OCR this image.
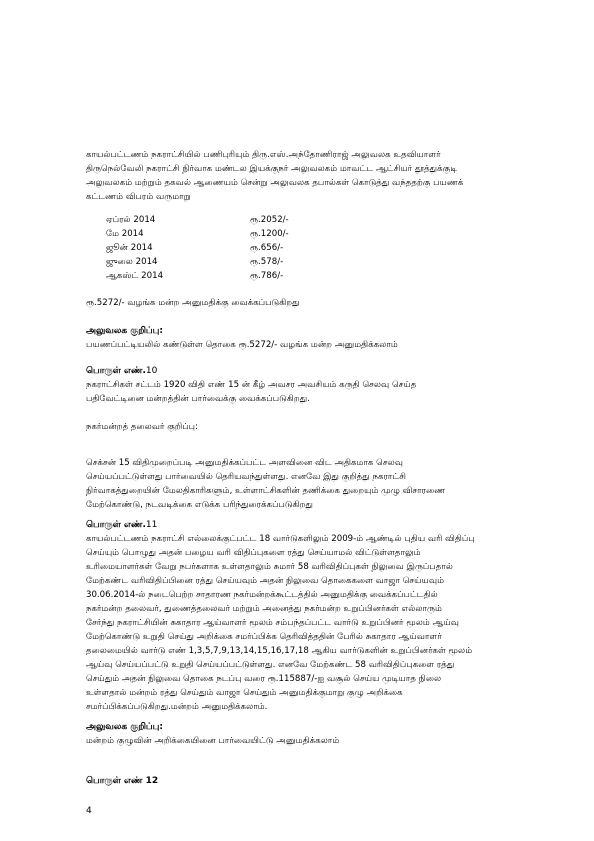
காயல்பட்டணம் நகராட்சியில் பணிபுரியும் திரு.எஸ்.அந்தோணிராஜ் அலுவலக உதவியாளர்
திருநெல்வேலி நகராட்சி நிர்வாக மண்டல இயக்குநர் அலுவலகம் மாவட்ட ஆட்சியர் தூத்துக்குடி
அலுவலகம் மற்றும் தகவல் ஆணையம் சென்று அலுவலக தபால்கள் கொடுத்து வந்ததற்கு பயணக்
கட்டணம் விபரம் வருமாறு
ஏப்ரல் 2014	ரூ.2052/-
மே 2014	ரூ.1200/-
ஜூன் 2014	ரூ.656/-
ஜுலை 2014	ரூ.578/-
ஆகஸ்ட் 2014	ரூ.786/-
ரூ.5272/- வழங்க மன்ற அனுமதிக்கு வைக்கப்படுகிறது
அலுவலக குறிப்பு:
பயணப்பட்டியலில் கண்டுள்ள தொகை ரூ.5272/- வழங்க மன்ற அனுமதிக்கலாம்
பொருள் எண்.10
நகராட்சிகள் சட்டம் 1920 விதி எண் 15 ன் கீழ் அவசர அவசியம் கருதி செலவு செய்த
பதிவேட்டினை மன்றத்தின் பார்வைக்கு வைக்கப்படுகிறது.
நகர்மன்றத் தலைவர் குறிப்பு:
செக்சன் 15 விதிமுறைப்படி அனுமதிக்கப்பட்ட அளவினை விட அதிகமாக செலவு
செய்யப்பட்டுள்ளது பார்வையில் தெரியவந்துள்ளது. எனவே இது குறித்து நகராட்சி
நிர்வாகத்துறையின் மேலதிகாரிகளும், உள்ளாட்சிகளின் தணிக்கை துறையும் முழு விசாரணை
மேற்கொண்டு, நடவடிக்கை எடுக்க பரிந்துரைக்கப்படுகிறது
பொருள் எண்.11
காயல்பட்டணம் நகராட்சி எல்லைக்குட்பட்ட 18 வார்டுகளிலும் 2009-ம் ஆண்டில் புதிய வரி விதிப்பு
செய்யும் பொழுது அதன் பழைய வரி விதிப்புகளை ரத்து செய்யாமல் விட்டுள்ளதாலும்
உரிமையாளர்கள் வேறு நபர்களாக உள்ளதாலும் சுமார் 58 வரிவிதிப்புகள் நிலுவை இருப்பதால்
மேற்கண்ட வரிவிதிப்பினை ரத்து செய்யவும் அதன் நிலுவை தொகைகளை வாஜா செய்யவும்
30.06.2014-ல் நடைபெற்ற சாதாரண நகர்மன்றக்கூட்டத்தில் அனுமதிக்கு வைக்கப்பட்டதில்
நகர்மன்ற தலைவர், துணைத்தலைவர் மற்றும் அனைத்து நகர்மன்ற உறுப்பினர்கள் எல்லாரும்
சேர்ந்து நகராட்சியின் சுகாதார ஆய்வாளர் மூலம் சம்பந்தப்பட்ட வார்டு உறுப்பினர் மூலம் ஆய்வு
மேற்கொண்டு உறுதி செய்து அறிக்கை சமர்ப்பிக்க தெரிவித்ததின் பேரில் சுகாதார ஆய்வாளர்
தலைமையில் வார்டு எண் 1,3,5,7,9,13,14,15,16,17,18 ஆகிய வார்டுகளின் உறுப்பினர்கள் மூலம்
ஆய்வு செய்யப்பட்டு உறுதி செய்யப்பட்டுள்ளது. எனவே மேற்கண்ட 58 வரிவிதிப்புகளை ரத்து
செய்தும் அதன் நிலுவை தொகை நடப்பு வரை ரூ.115887/-ஐ வசூல் செய்ய முடியாத நிலை
உள்ளதால் மன்றம் ரத்து செய்தும் வாஜா செய்தும் அனுமதிக்குமாறு குழு அறிக்கை
சமர்ப்பிக்கப்படுகிறது.மன்றம் அனுமதிக்கலாம்.
அலுவலக குறிப்பு:
மன்றம் குழுவின் அறிக்கையினை பார்வையிட்டு அனுமதிக்கலாம்
பொருள் எண் 12
4
